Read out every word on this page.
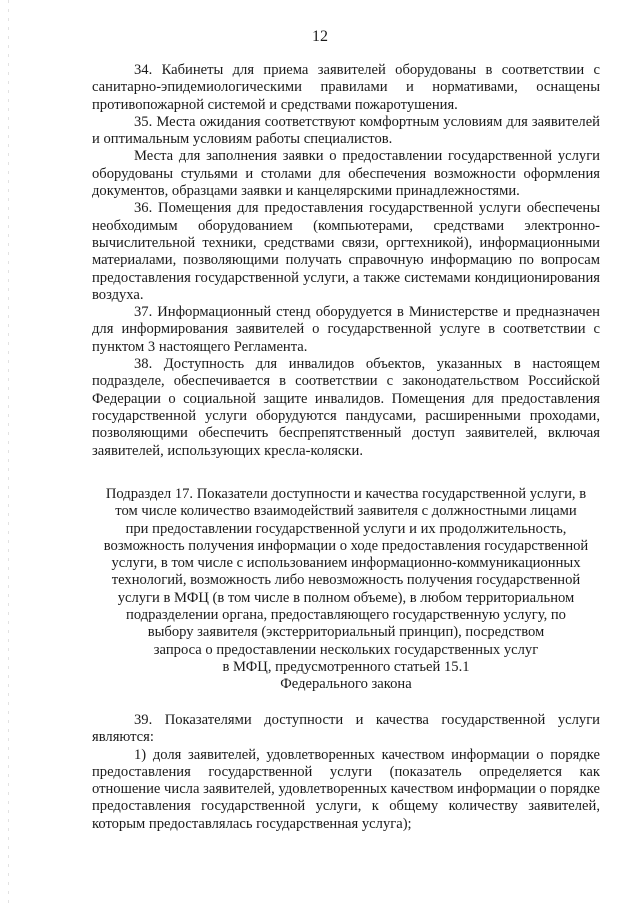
12

34. Кабинеты для приема заявителей оборудованы в соответствии с санитарно-эпидемиологическими правилами и нормативами, оснащены противопожарной системой и средствами пожаротушения.

35. Места ожидания соответствуют комфортным условиям для заявителей и оптимальным условиям работы специалистов.

Места для заполнения заявки о предоставлении государственной услуги оборудованы стульями и столами для обеспечения возможности оформления документов, образцами заявки и канцелярскими принадлежностями.

36. Помещения для предоставления государственной услуги обеспечены необходимым оборудованием (компьютерами, средствами электронно-вычислительной техники, средствами связи, оргтехникой), информационными материалами, позволяющими получать справочную информацию по вопросам предоставления государственной услуги, а также системами кондиционирования воздуха.

37. Информационный стенд оборудуется в Министерстве и предназначен для информирования заявителей о государственной услуге в соответствии с пунктом 3 настоящего Регламента.

38. Доступность для инвалидов объектов, указанных в настоящем подразделе, обеспечивается в соответствии с законодательством Российской Федерации о социальной защите инвалидов. Помещения для предоставления государственной услуги оборудуются пандусами, расширенными проходами, позволяющими обеспечить беспрепятственный доступ заявителей, включая заявителей, использующих кресла-коляски.

Подраздел 17. Показатели доступности и качества государственной услуги, в

том числе количество взаимодействий заявителя с должностными лицами

при предоставлении государственной услуги и их продолжительность,

возможность получения информации о ходе предоставления государственной

услуги, в том числе с использованием информационно-коммуникационных

технологий, возможность либо невозможность получения государственной

услуги в МФЦ (в том числе в полном объеме), в любом территориальном

подразделении органа, предоставляющего государственную услугу, по

выбору заявителя (экстерриториальный принцип), посредством

запроса о предоставлении нескольких государственных услуг

в МФЦ, предусмотренного статьей 15.1

Федерального закона

39. Показателями доступности и качества государственной услуги являются:

1) доля заявителей, удовлетворенных качеством информации о порядке предоставления государственной услуги (показатель определяется как отношение числа заявителей, удовлетворенных качеством информации о порядке предоставления государственной услуги, к общему количеству заявителей, которым предоставлялась государственная услуга);
